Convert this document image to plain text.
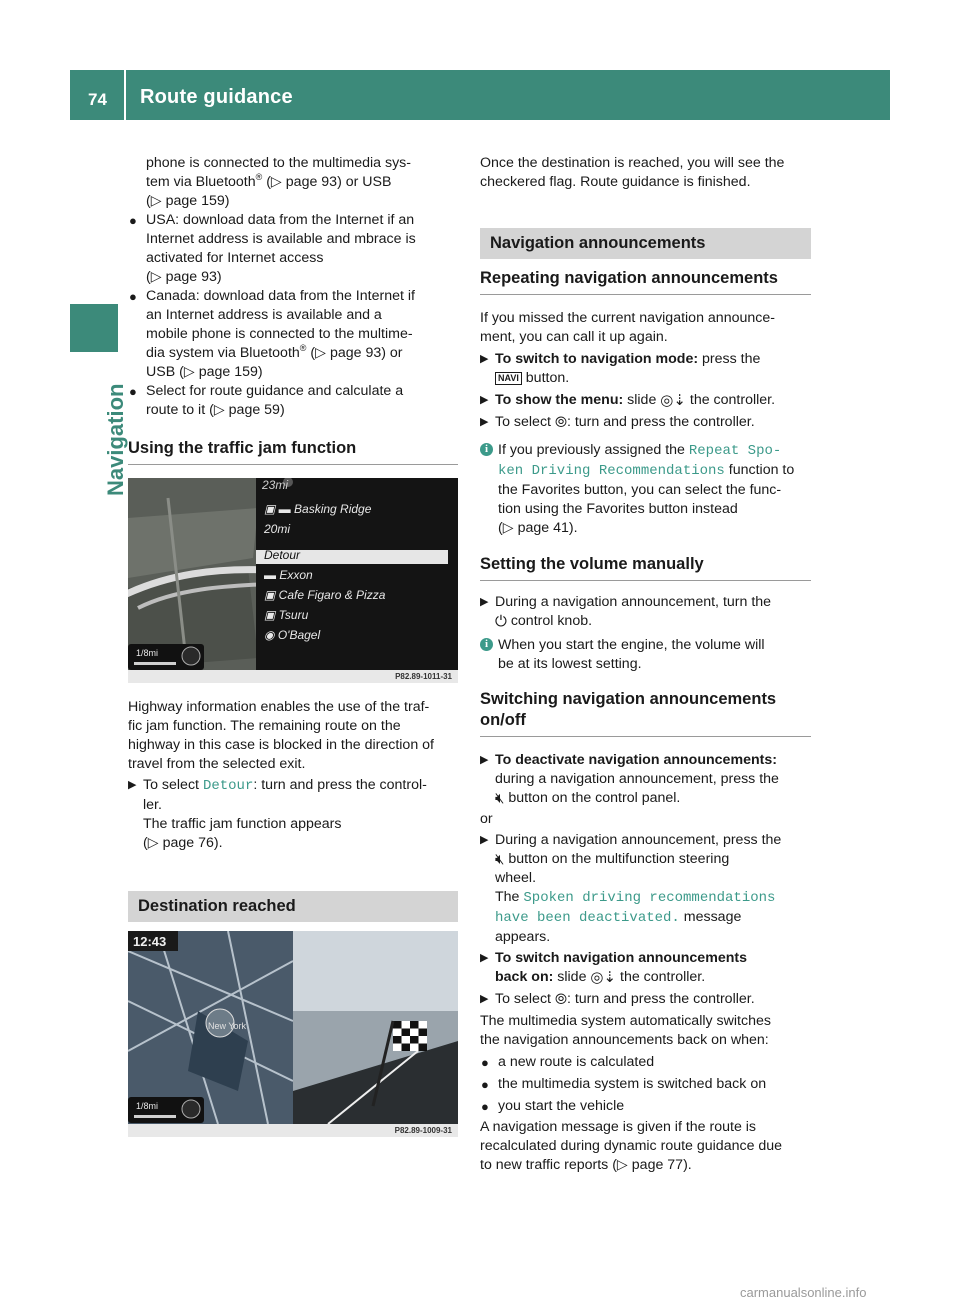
74 Route guidance
Navigation
phone is connected to the multimedia sys-
tem via Bluetooth® (▷ page 93) or USB
(▷ page 159)
● USA: download data from the Internet if an
Internet address is available and mbrace is
activated for Internet access
(▷ page 93)
● Canada: download data from the Internet if
an Internet address is available and a
mobile phone is connected to the multime-
dia system via Bluetooth® (▷ page 93) or
USB (▷ page 159)
● Select for route guidance and calculate a
route to it (▷ page 59)
Using the traffic jam function
23mi
▣ ▬ Basking Ridge
20mi
Detour
▬ Exxon
▣ Cafe Figaro & Pizza
▣ Tsuru
◉ O'Bagel
1/8mi
P82.89-1011-31
Highway information enables the use of the traf-
fic jam function. The remaining route on the
highway in this case is blocked in the direction of
travel from the selected exit.
▶ To select Detour: turn and press the control-
ler.
The traffic jam function appears
(▷ page 76).
Destination reached
12:43
New York
1/8mi
P82.89-1009-31
Once the destination is reached, you will see the
checkered flag. Route guidance is finished.
Navigation announcements
Repeating navigation announcements
If you missed the current navigation announce-
ment, you can call it up again.
▶ To switch to navigation mode: press the
NAVI button.
▶ To show the menu: slide ◎⇣ the controller.
▶ To select ⦾: turn and press the controller.
i If you previously assigned the Repeat Spo‑
ken Driving Recommendations function to
the Favorites button, you can select the func-
tion using the Favorites button instead
(▷ page 41).
Setting the volume manually
▶ During a navigation announcement, turn the
⏻ control knob.
i When you start the engine, the volume will
be at its lowest setting.
Switching navigation announcements
on/off
▶ To deactivate navigation announcements:
during a navigation announcement, press the
🔇︎ button on the control panel.
or
▶ During a navigation announcement, press the
🔇︎ button on the multifunction steering
wheel.
The Spoken driving recommendations
have been deactivated. message
appears.
▶ To switch navigation announcements
back on: slide ◎⇣ the controller.
▶ To select ⦾: turn and press the controller.
The multimedia system automatically switches
the navigation announcements back on when:
● a new route is calculated
● the multimedia system is switched back on
● you start the vehicle
A navigation message is given if the route is
recalculated during dynamic route guidance due
to new traffic reports (▷ page 77).
carmanualsonline.info
